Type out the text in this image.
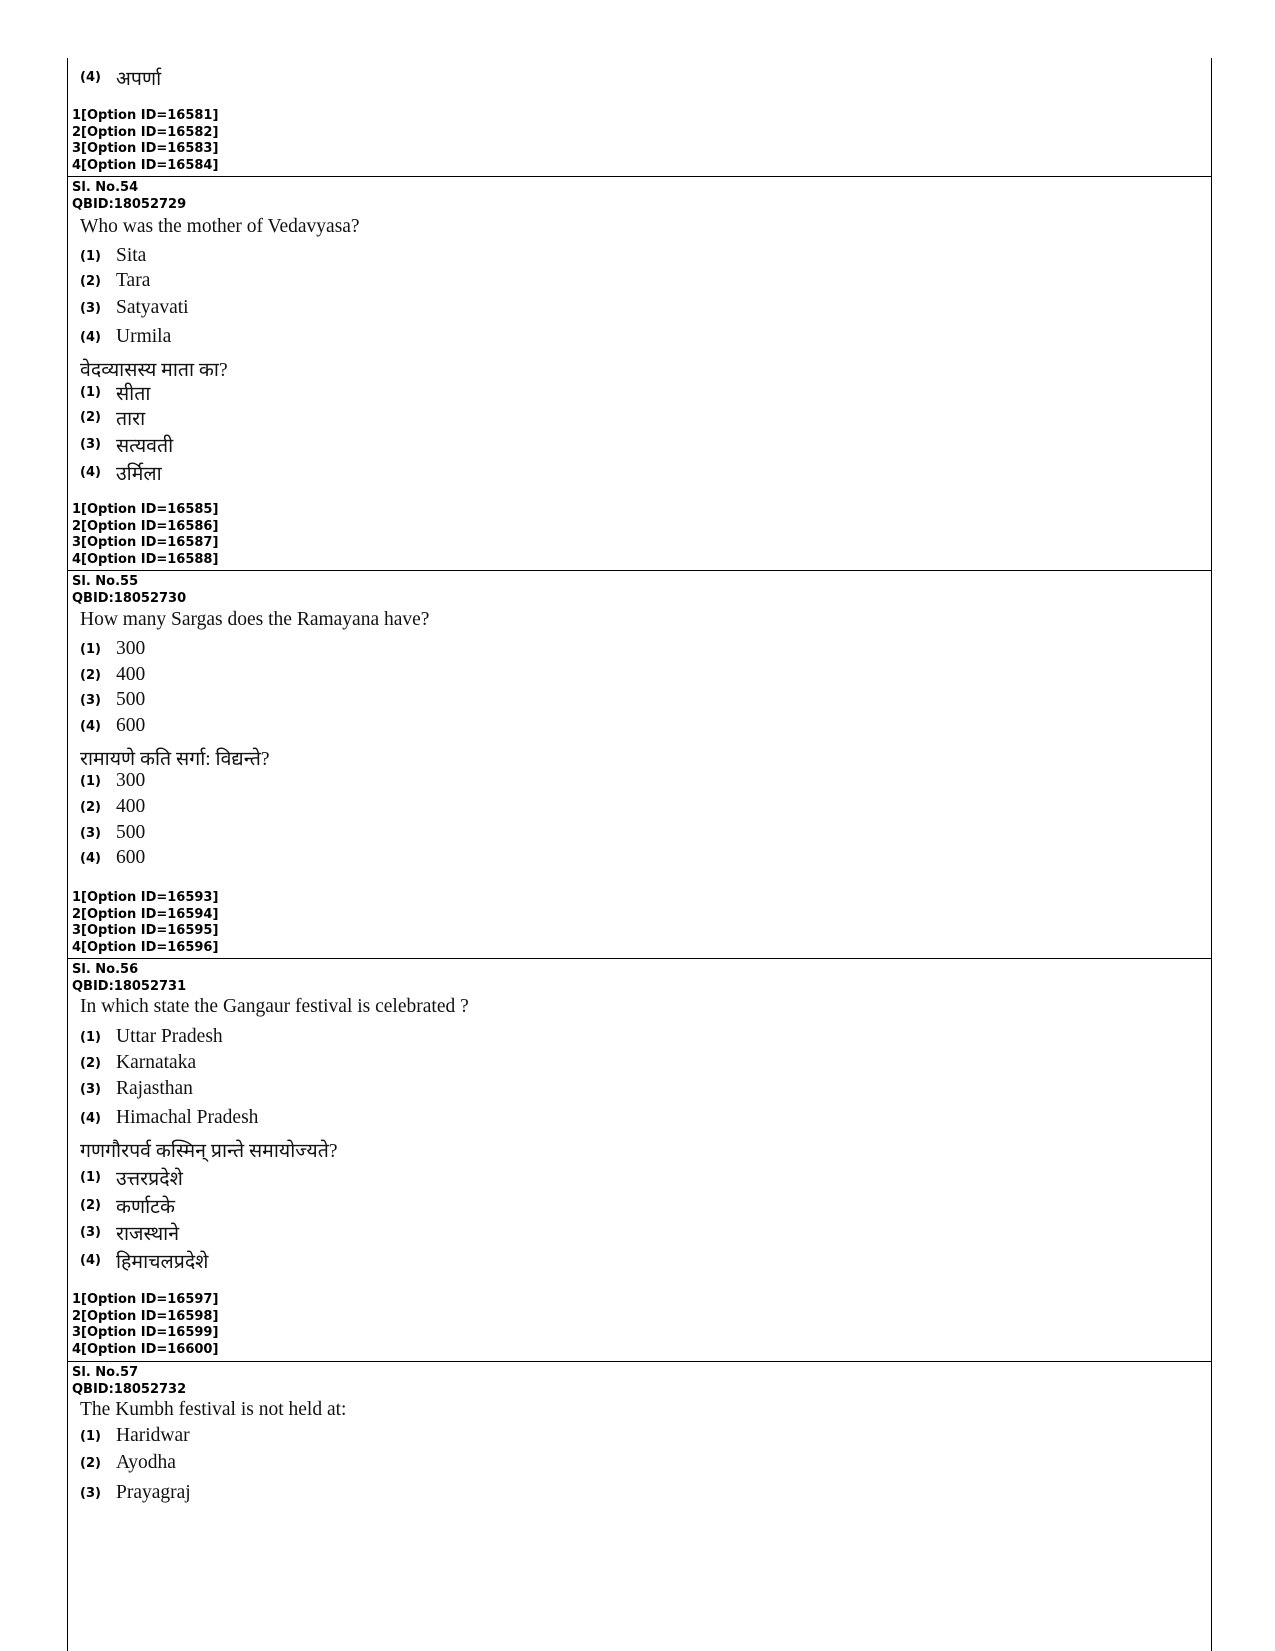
(4) अपर्णा
1[Option ID=16581]
2[Option ID=16582]
3[Option ID=16583]
4[Option ID=16584]
Sl. No.54
QBID:18052729
Who was the mother of Vedavyasa?
(1) Sita
(2) Tara
(3) Satyavati
(4) Urmila
वेदव्यासस्य माता का?
(1) सीता
(2) तारा
(3) सत्यवती
(4) उर्मिला
1[Option ID=16585]
2[Option ID=16586]
3[Option ID=16587]
4[Option ID=16588]
Sl. No.55
QBID:18052730
How many Sargas does the Ramayana have?
(1) 300
(2) 400
(3) 500
(4) 600
रामायणे कति सर्गा: विद्यन्ते?
(1) 300
(2) 400
(3) 500
(4) 600
1[Option ID=16593]
2[Option ID=16594]
3[Option ID=16595]
4[Option ID=16596]
Sl. No.56
QBID:18052731
In which state the Gangaur festival is celebrated ?
(1) Uttar Pradesh
(2) Karnataka
(3) Rajasthan
(4) Himachal Pradesh
गणगौरपर्व कस्मिन् प्रान्ते समायोज्यते?
(1) उत्तरप्रदेशे
(2) कर्णाटके
(3) राजस्थाने
(4) हिमाचलप्रदेशे
1[Option ID=16597]
2[Option ID=16598]
3[Option ID=16599]
4[Option ID=16600]
Sl. No.57
QBID:18052732
The Kumbh festival is not held at:
(1) Haridwar
(2) Ayodha
(3) Prayagraj
